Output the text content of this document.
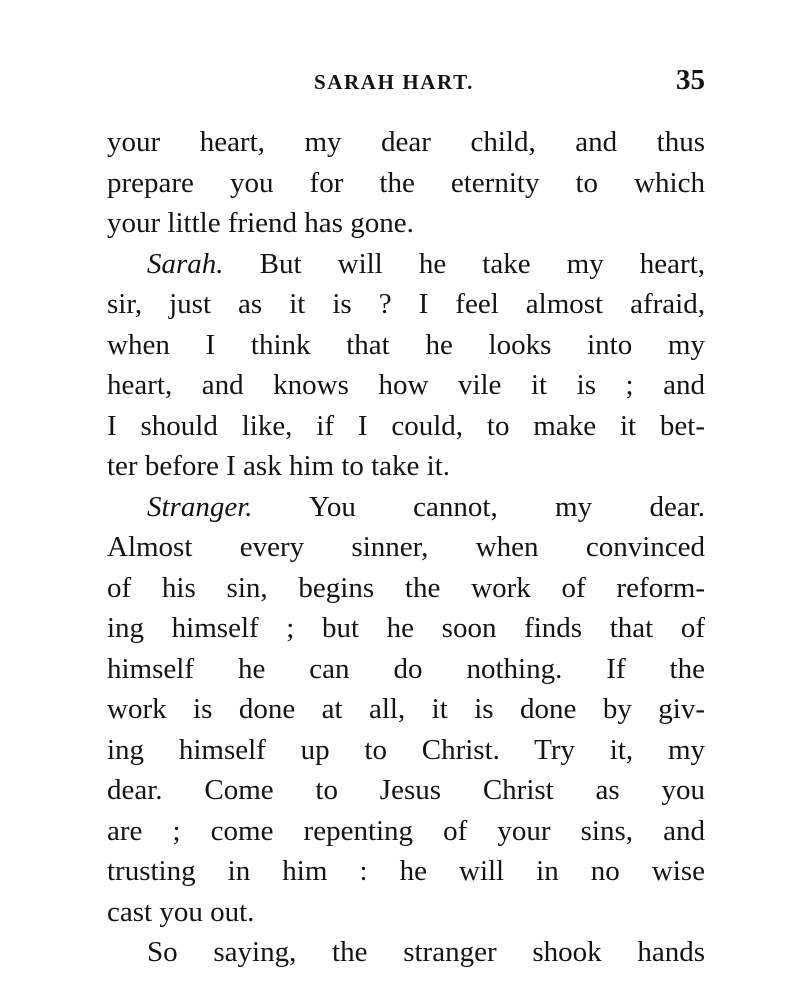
SARAH HART.	35
your heart, my dear child, and thus
prepare you for the eternity to which
your little friend has gone.
Sarah. But will he take my heart,
sir, just as it is ? I feel almost afraid,
when I think that he looks into my
heart, and knows how vile it is ; and
I should like, if I could, to make it bet-
ter before I ask him to take it.
Stranger. You cannot, my dear.
Almost every sinner, when convinced
of his sin, begins the work of reform-
ing himself ; but he soon finds that of
himself he can do nothing. If the
work is done at all, it is done by giv-
ing himself up to Christ. Try it, my
dear. Come to Jesus Christ as you
are ; come repenting of your sins, and
trusting in him : he will in no wise
cast you out.
So saying, the stranger shook hands
